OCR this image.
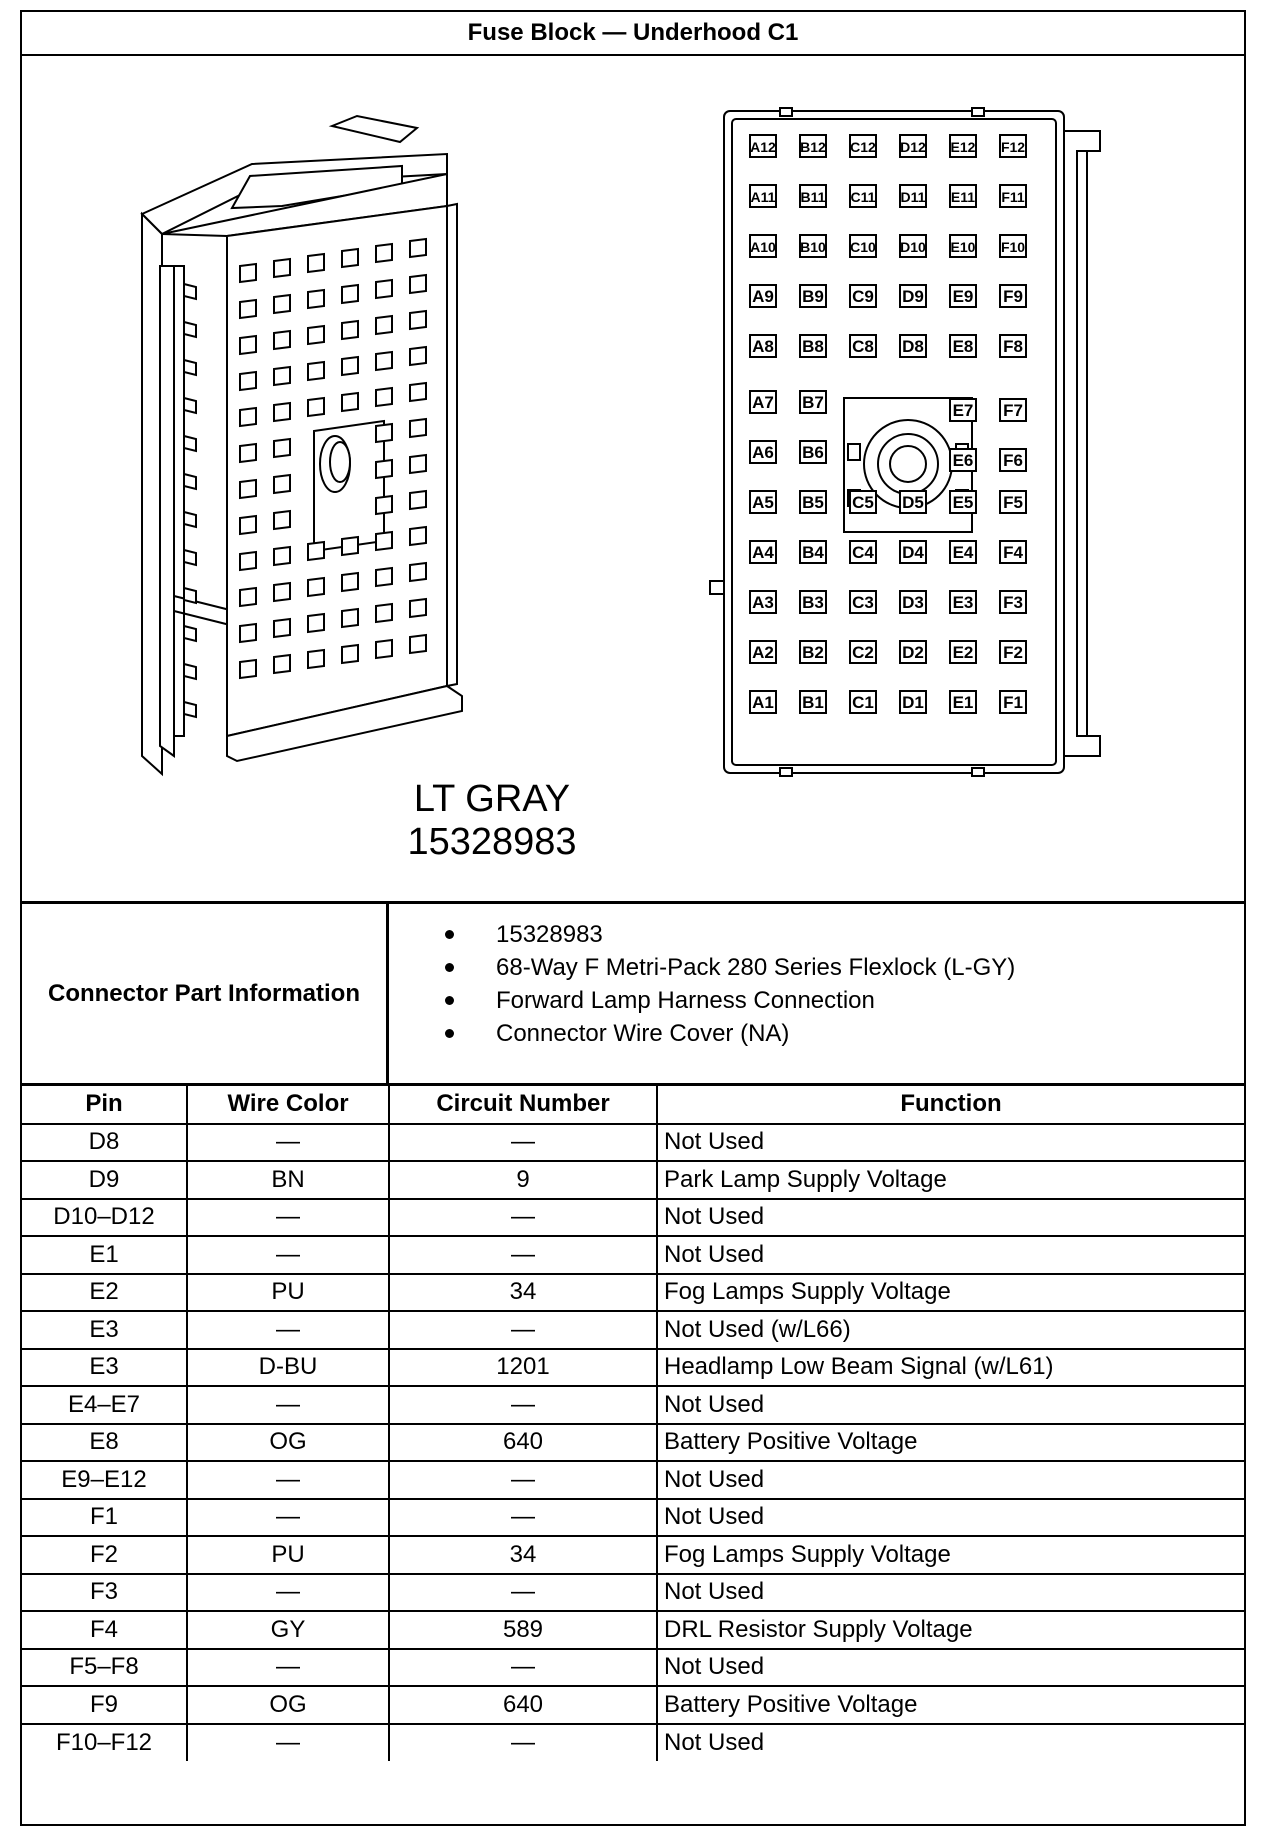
Fuse Block — Underhood C1
A12 B12 C12 D12 E12 F12
A11 B11 C11 D11 E11 F11
A10 B10 C10 D10 E10 F10
A9 B9 C9 D9 E9 F9
A8 B8 C8 D8 E8 F8
A7 B7	E7 F7
A6 B6	E6 F6
A5 B5 C5 D5 E5 F5
A4 B4 C4 D4 E4 F4
A3 B3 C3 D3 E3 F3
A2 B2 C2 D2 E2 F2
A1 B1 C1 D1 E1 F1
LT GRAY
15328983
Connector Part Information
15328983
68-Way F Metri-Pack 280 Series Flexlock (L-GY)
Forward Lamp Harness Connection
Connector Wire Cover (NA)
Pin	Wire Color	Circuit Number	Function
D8	—	—	Not Used
D9	BN	9	Park Lamp Supply Voltage
D10–D12	—	—	Not Used
E1	—	—	Not Used
E2	PU	34	Fog Lamps Supply Voltage
E3	—	—	Not Used (w/L66)
E3	D-BU	1201	Headlamp Low Beam Signal (w/L61)
E4–E7	—	—	Not Used
E8	OG	640	Battery Positive Voltage
E9–E12	—	—	Not Used
F1	—	—	Not Used
F2	PU	34	Fog Lamps Supply Voltage
F3	—	—	Not Used
F4	GY	589	DRL Resistor Supply Voltage
F5–F8	—	—	Not Used
F9	OG	640	Battery Positive Voltage
F10–F12	—	—	Not Used
